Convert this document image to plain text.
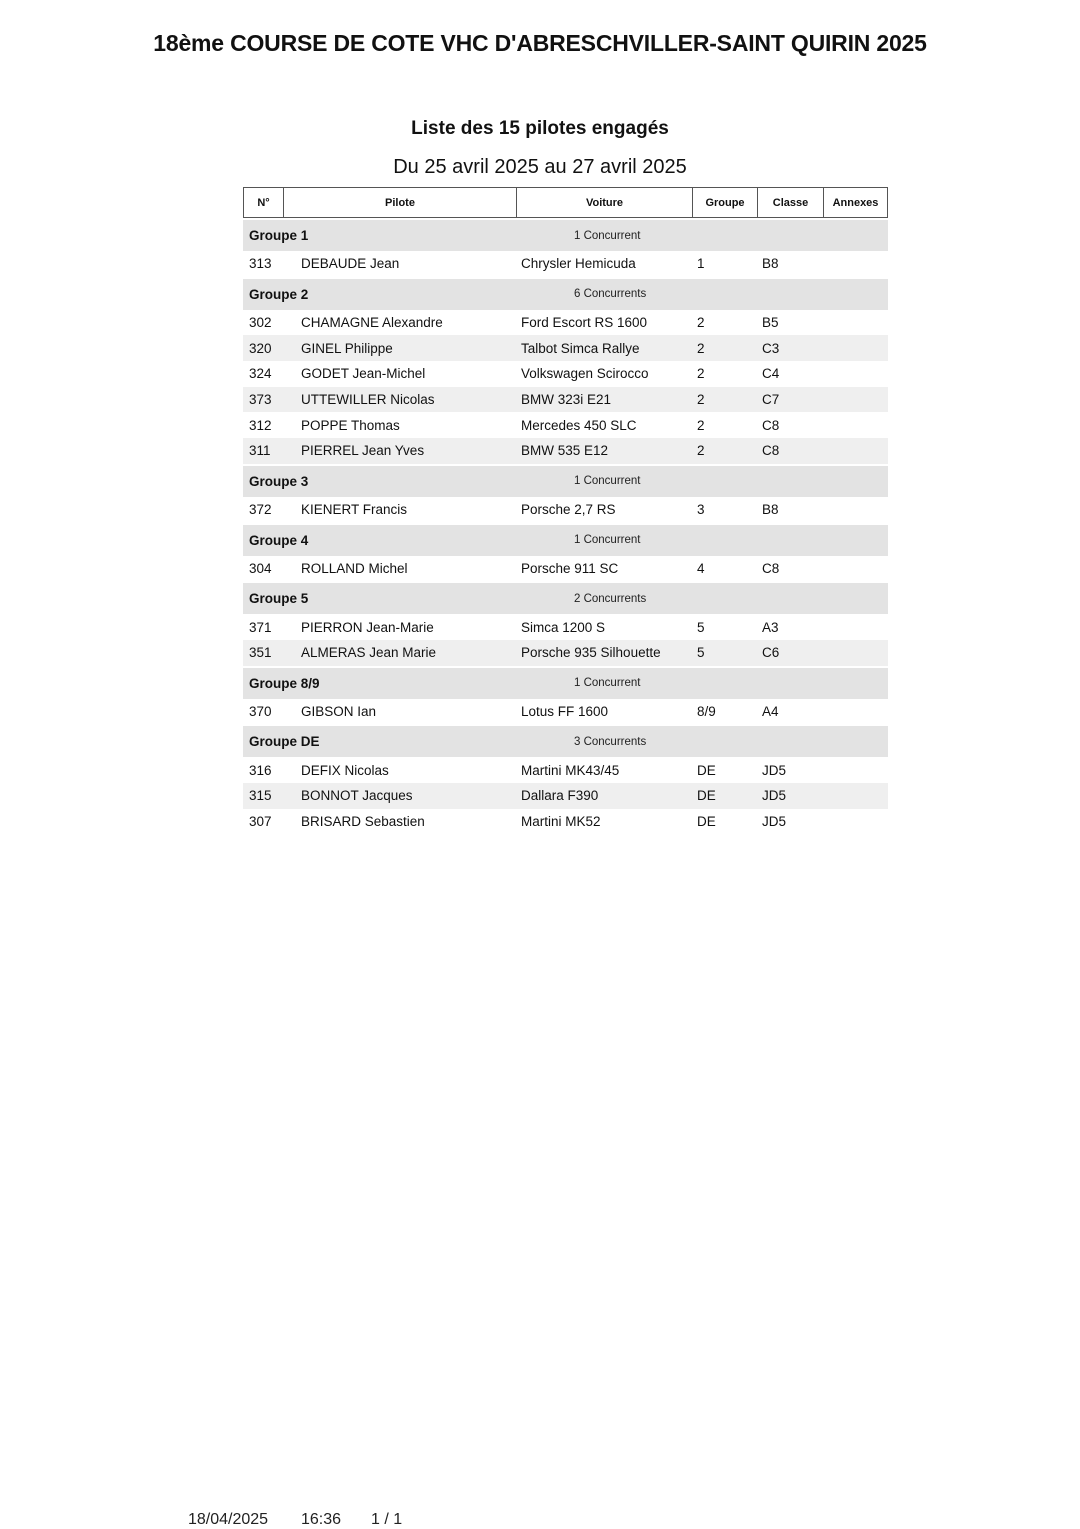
18ème COURSE DE COTE VHC D'ABRESCHVILLER-SAINT QUIRIN 2025
Liste des 15 pilotes engagés
Du 25 avril 2025 au 27 avril 2025
N°	Pilote	Voiture	Groupe	Classe	Annexes
Groupe 1	1 Concurrent
313	DEBAUDE Jean	Chrysler Hemicuda	1	B8
Groupe 2	6 Concurrents
302	CHAMAGNE Alexandre	Ford Escort RS 1600	2	B5
320	GINEL Philippe	Talbot Simca Rallye	2	C3
324	GODET Jean-Michel	Volkswagen Scirocco	2	C4
373	UTTEWILLER Nicolas	BMW 323i E21	2	C7
312	POPPE Thomas	Mercedes 450 SLC	2	C8
311	PIERREL Jean Yves	BMW 535 E12	2	C8
Groupe 3	1 Concurrent
372	KIENERT Francis	Porsche 2,7 RS	3	B8
Groupe 4	1 Concurrent
304	ROLLAND Michel	Porsche 911 SC	4	C8
Groupe 5	2 Concurrents
371	PIERRON Jean-Marie	Simca 1200 S	5	A3
351	ALMERAS Jean Marie	Porsche 935 Silhouette	5	C6
Groupe 8/9	1 Concurrent
370	GIBSON Ian	Lotus FF 1600	8/9	A4
Groupe DE	3 Concurrents
316	DEFIX Nicolas	Martini MK43/45	DE	JD5
315	BONNOT Jacques	Dallara F390	DE	JD5
307	BRISARD Sebastien	Martini MK52	DE	JD5
18/04/2025 16:36 1 / 1
